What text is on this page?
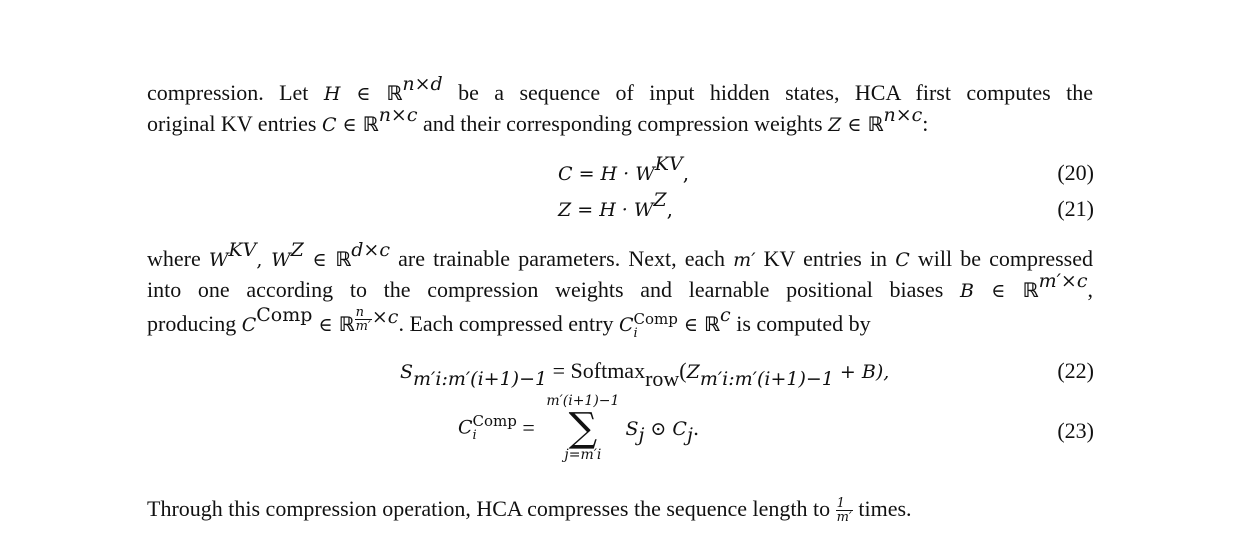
compression. Let H ∈ ℝ$^{n\times d}$ be a sequence of input hidden states, HCA first computes the
original KV entries C ∈ ℝ$^{n\times c}$ and their corresponding compression weights Z ∈ ℝ$^{n\times c}$:
$C = H \cdot W^{KV}$,	(20)
$Z = H \cdot W^Z$,	(21)
where $W^{KV}$, $W^Z$ ∈ ℝ$^{d\times c}$ are trainable parameters. Next, each m′ KV entries in C will be compressed
into one according to the compression weights and learnable positional biases B ∈ ℝ$^{m'\times c}$,
producing $C^{Comp}$ ∈ ℝ $^{\frac{n}{m'} \times c}$. Each compressed entry C Comp
i	∈ ℝ$^c$ is computed by
$S_{m'i:m'(i+1)-1}$ = $Softmax_{row}(Z_{m'i:m'(i+1)-1} + B)$,	(22)
C Comp
i	=
m′(i+1)−1
∑
j=m′i
$S_j$ ⊙ $C_j$.	(23)
Through this compression operation, HCA compresses the sequence length to $\frac{1}{m'}$ times.
